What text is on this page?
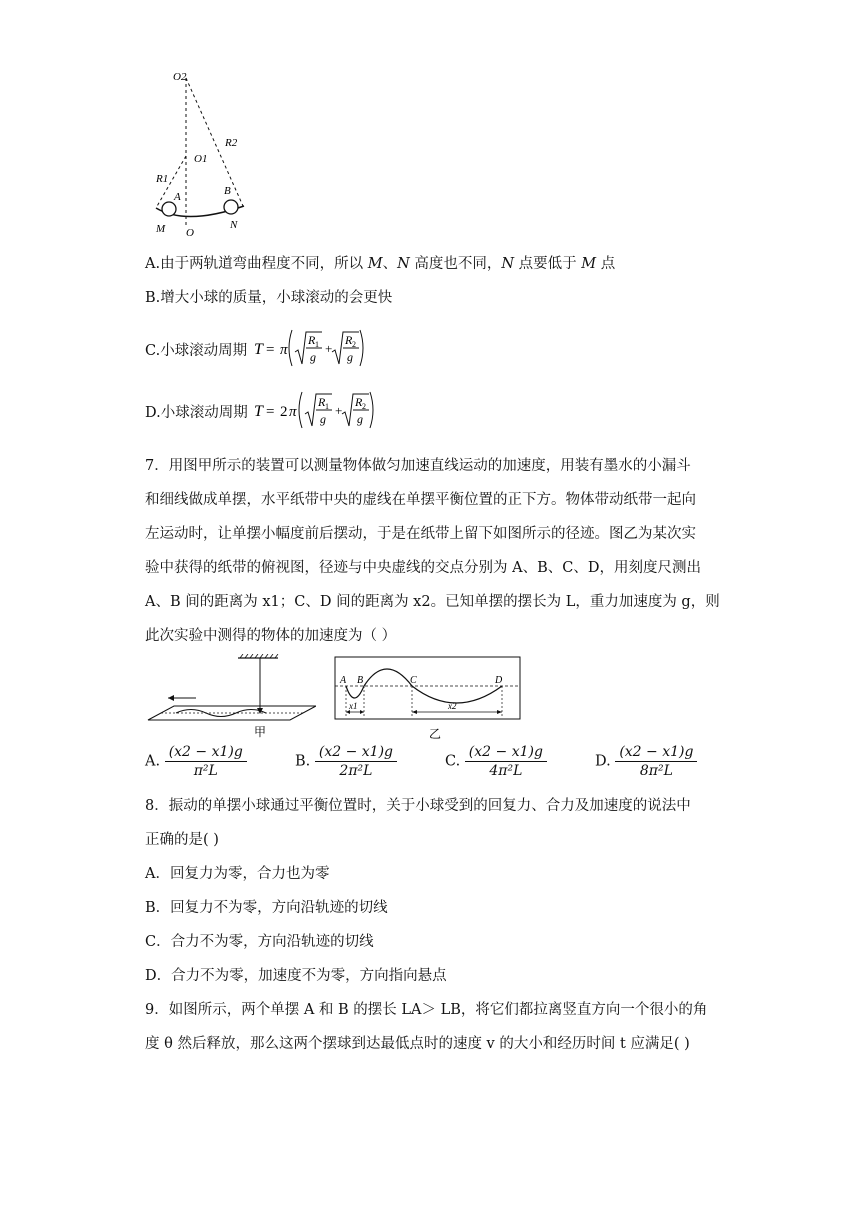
O2
R2
O1
R1
A	B
M O
N
A.由于两轨道弯曲程度不同，所以 M、N 高度也不同，N 点要低于 M 点
B.增大小球的质量，小球滚动的会更快
C.小球滚动周期 T = π
R 1
g
+
R 2
g
D.小球滚动周期 T = 2 π
R 1
g
+
R 2
g
7．用图甲所示的装置可以测量物体做匀加速直线运动的加速度，用装有墨水的小漏斗
和细线做成单摆，水平纸带中央的虚线在单摆平衡位置的正下方。物体带动纸带一起向
左运动时，让单摆小幅度前后摆动，于是在纸带上留下如图所示的径迹。图乙为某次实
验中获得的纸带的俯视图，径迹与中央虚线的交点分别为 A、B、C、D，用刻度尺测出
A、B 间的距离为 x1；C、D 间的距离为 x2。已知单摆的摆长为 L，重力加速度为 g，则
此次实验中测得的物体的加速度为（ ）
甲
A B	C	D
x1	x2
乙
A. $\frac{(x2 - x1)g}{\text{π²L}}$	B. $\frac{(x2 - x1)g}{\text{2π²L}}$	C. $\frac{(x2 - x1)g}{\text{4π²L}}$	D. $\frac{(x2 - x1)g}{\text{8π²L}}$
8．振动的单摆小球通过平衡位置时，关于小球受到的回复力、合力及加速度的说法中
正确的是( )
A．回复力为零，合力也为零
B．回复力不为零，方向沿轨迹的切线
C．合力不为零，方向沿轨迹的切线
D．合力不为零，加速度不为零，方向指向悬点
9．如图所示，两个单摆 A 和 B 的摆长 LA＞ LB，将它们都拉离竖直方向一个很小的角
度 θ 然后释放，那么这两个摆球到达最低点时的速度 v 的大小和经历时间 t 应满足( )
